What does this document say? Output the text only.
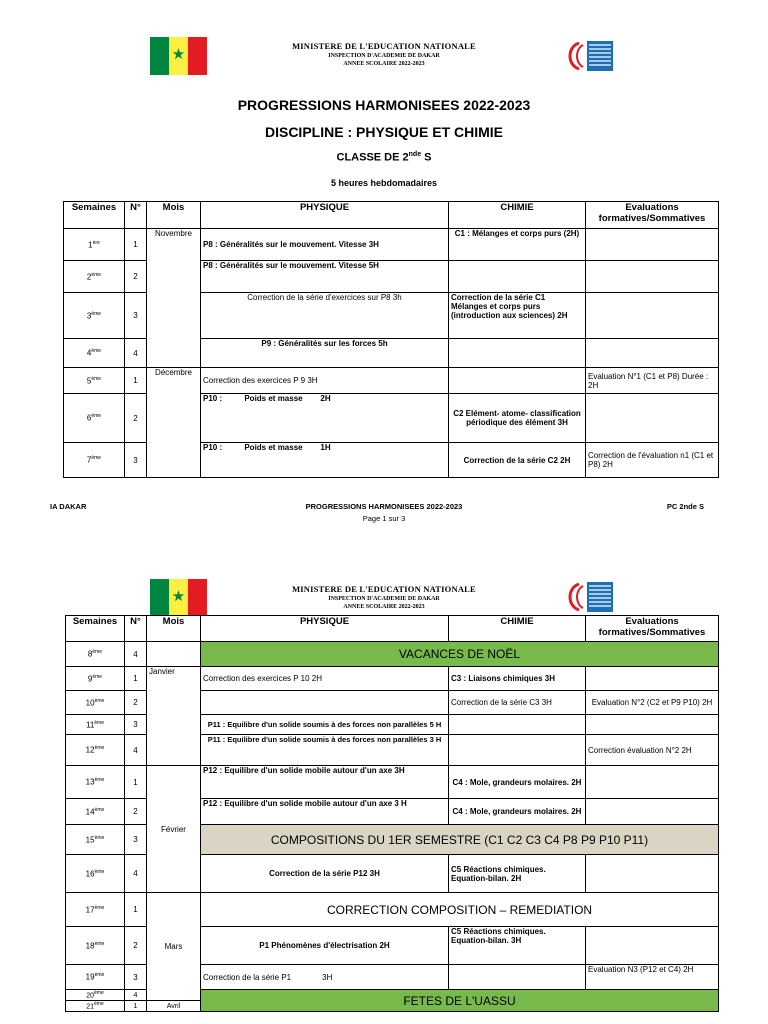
★	MINISTERE DE L'EDUCATION NATIONALE
INSPECTION D'ACADEMIE DE DAKAR
ANNEE SCOLAIRE 2022-2023
PROGRESSIONS HARMONISEES 2022-2023
DISCIPLINE : PHYSIQUE ET CHIMIE
CLASSE DE 2nde S
5 heures hebdomadaires
Semaines	N°	Mois	PHYSIQUE	CHIMIE	Evaluations formatives/Sommatives
1ère	1	Novembre	P8 : Généralités sur le mouvement. Vitesse 3H	C1 : Mélanges et corps purs (2H)	
2ème	2		P8 : Généralités sur le mouvement. Vitesse 5H		
3ème	3		Correction de la série d'exercices sur P8 3h	Correction de la série C1 Mélanges et corps purs (introduction aux sciences) 2H	
4ème	4		P9 : Généralités sur les forces 5h		
5ème	1	Décembre	Correction des exercices P 9 3H		Evaluation N°1 (C1 et P8) Durée : 2H
6ème	2		P10 :          Poids et masse        2H	C2 Elément- atome- classification périodique des élément 3H	
7ème	3		P10 :          Poids et masse        1H	Correction de la série C2 2H	Correction de l'évaluation n1 (C1 et P8) 2H
IA DAKAR	PROGRESSIONS HARMONISEES 2022-2023
Page 1 sur 3
PC 2nde S
★	MINISTERE DE L'EDUCATION NATIONALE
INSPECTION D'ACADEMIE DE DAKAR
ANNEE SCOLAIRE 2022-2023
Semaines	N°	Mois	PHYSIQUE	CHIMIE	Evaluations formatives/Sommatives
8ème	4		VACANCES DE NOËL		
9ème	1	Janvier	Correction des exercices P 10 2H	C3 : Liaisons chimiques 3H	
10ème	2			Correction de la série C3 3H	Evaluation N°2 (C2 et P9 P10) 2H
11ème	3		P11 : Equilibre d'un solide soumis à des forces non parallèles 5 H		
12ème	4		P11 : Equilibre d'un solide soumis à des forces non parallèles 3 H		Correction évaluation N°2 2H
13ème	1	Février	P12 : Equilibre d'un solide mobile autour d'un axe 3H	C4 : Mole, grandeurs molaires. 2H	
14ème	2		P12 : Equilibre d'un solide mobile autour d'un axe 3 H	C4 : Mole, grandeurs molaires. 2H	
15ème	3		COMPOSITIONS DU 1ER SEMESTRE (C1 C2 C3 C4 P8 P9 P10 P11)		
16ème	4		Correction de la série P12 3H	C5 Réactions chimiques. Equation-bilan. 2H	
17ème	1	Mars	CORRECTION COMPOSITION – REMEDIATION		
18ème	2		P1 Phénomènes d'électrisation 2H	C5 Réactions chimiques. Equation-bilan. 3H	
19ème	3		Correction de la série P1              3H		Evaluation N3 (P12 et C4) 2H
20ème	4		FETES DE L'UASSU		
21ème	1	Avril			
